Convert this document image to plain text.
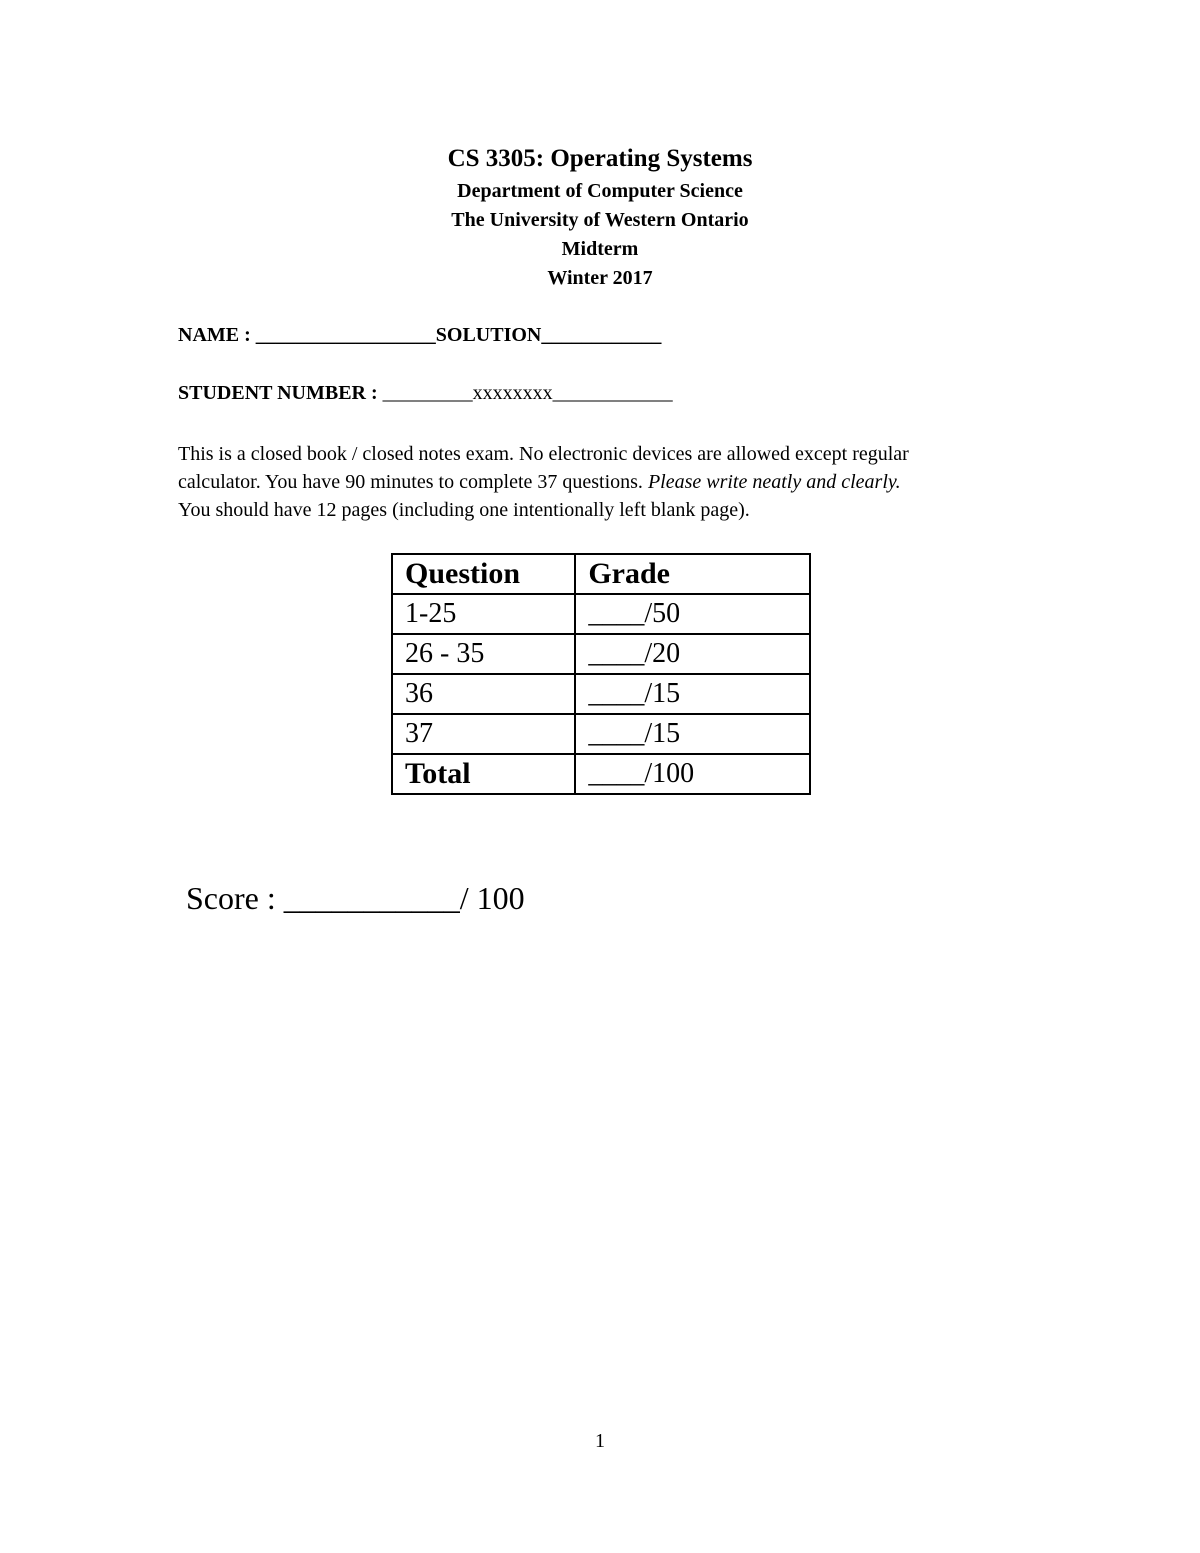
CS 3305: Operating Systems
Department of Computer Science
The University of Western Ontario
Midterm
Winter 2017
NAME : __________________SOLUTION____________
STUDENT NUMBER : _________xxxxxxxx____________
This is a closed book / closed notes exam. No electronic devices are allowed except regular
calculator. You have 90 minutes to complete 37 questions. Please write neatly and clearly.
You should have 12 pages (including one intentionally left blank page).
Question	Grade
1-25	____/50
26 - 35	____/20
36	____/15
37	____/15
Total	____/100
Score : ___________/ 100
1
